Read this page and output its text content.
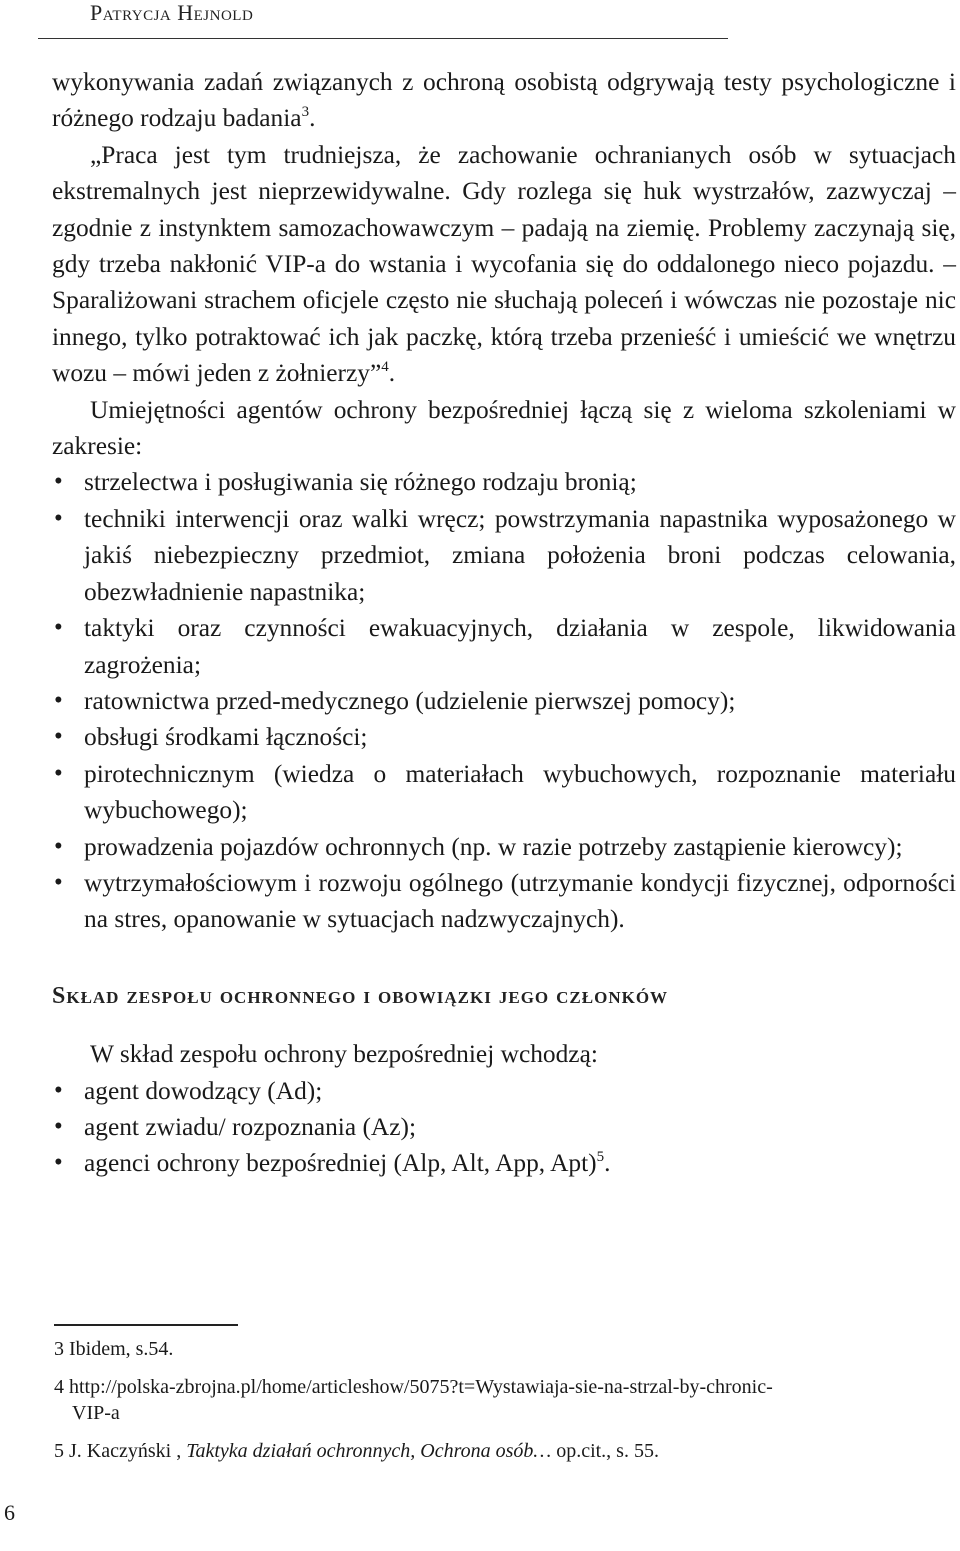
Patrycja Hejnold

wykonywania zadań związanych z ochroną osobistą odgrywają testy psychologiczne i różnego rodzaju badania$^3$.

„Praca jest tym trudniejsza, że zachowanie ochranianych osób w sytuacjach ekstremalnych jest nieprzewidywalne. Gdy rozlega się huk wystrzałów, zazwyczaj – zgodnie z instynktem samozachowawczym – padają na ziemię. Problemy zaczynają się, gdy trzeba nakłonić VIP-a do wstania i wycofania się do oddalonego nieco pojazdu. – Sparaliżowani strachem oficjele często nie słuchają poleceń i wówczas nie pozostaje nic innego, tylko potraktować ich jak paczkę, którą trzeba przenieść i umieścić we wnętrzu wozu – mówi jeden z żołnierzy”$^4$.

Umiejętności agentów ochrony bezpośredniej łączą się z wieloma szkoleniami w zakresie:

• strzelectwa i posługiwania się różnego rodzaju bronią;
• techniki interwencji oraz walki wręcz; powstrzymania napastnika wyposażonego w jakiś niebezpieczny przedmiot, zmiana położenia broni podczas celowania, obezwładnienie napastnika;
• taktyki oraz czynności ewakuacyjnych, działania w zespole, likwidowania zagrożenia;
• ratownictwa przed-medycznego (udzielenie pierwszej pomocy);
• obsługi środkami łączności;
• pirotechnicznym (wiedza o materiałach wybuchowych, rozpoznanie materiału wybuchowego);
• prowadzenia pojazdów ochronnych (np. w razie potrzeby zastąpienie kierowcy);
• wytrzymałościowym i rozwoju ogólnego (utrzymanie kondycji fizycznej, odporności na stres, opanowanie w sytuacjach nadzwyczajnych).
Skład zespołu ochronnego i obowiązki jego członków

W skład zespołu ochrony bezpośredniej wchodzą:

• agent dowodzący (Ad);
• agent zwiadu/ rozpoznania (Az);
• agenci ochrony bezpośredniej (Alp, Alt, App, Apt)$^5$.
3 Ibidem, s.54.
4 http://polska-zbrojna.pl/home/articleshow/5075?t=Wystawiaja-sie-na-strzal-by-chronic-
VIP-a
5 J. Kaczyński , Taktyka działań ochronnych, Ochrona osób… op.cit., s. 55.
6
